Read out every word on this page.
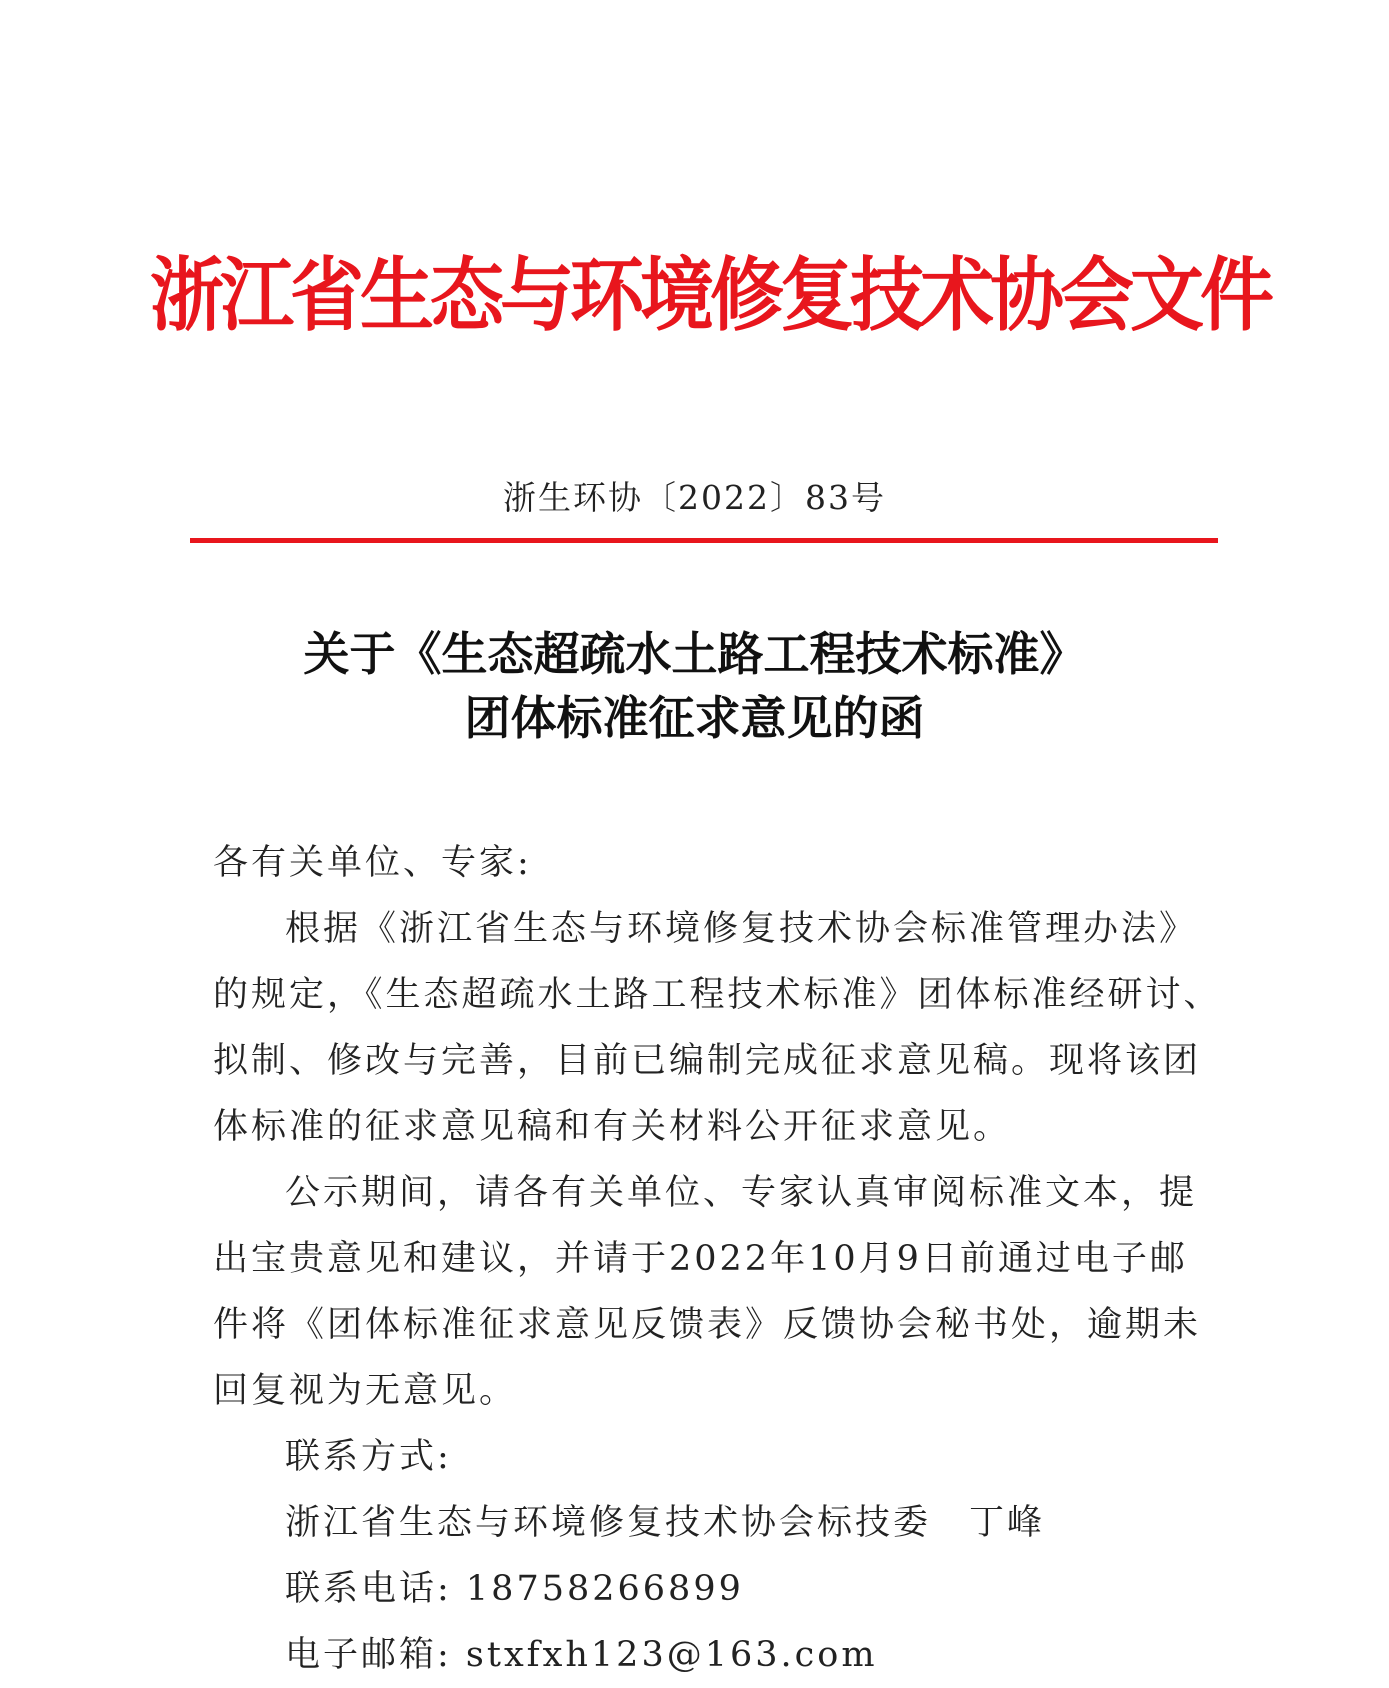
浙江省生态与环境修复技术协会文件
浙生环协〔2022〕83号
关于《生态超疏水土路工程技术标准》
团体标准征求意见的函
各有关单位、专家:
根据《浙江省生态与环境修复技术协会标准管理办法》
的规定，《生态超疏水土路工程技术标准》团体标准经研讨、
拟制、修改与完善，目前已编制完成征求意见稿。现将该团
体标准的征求意见稿和有关材料公开征求意见。
公示期间，请各有关单位、专家认真审阅标准文本，提
出宝贵意见和建议，并请于2022年10月9日前通过电子邮
件将《团体标准征求意见反馈表》反馈协会秘书处，逾期未
回复视为无意见。
联系方式:
浙江省生态与环境修复技术协会标技委　丁峰
联系电话: 18758266899
电子邮箱: stxfxh123@163.com
